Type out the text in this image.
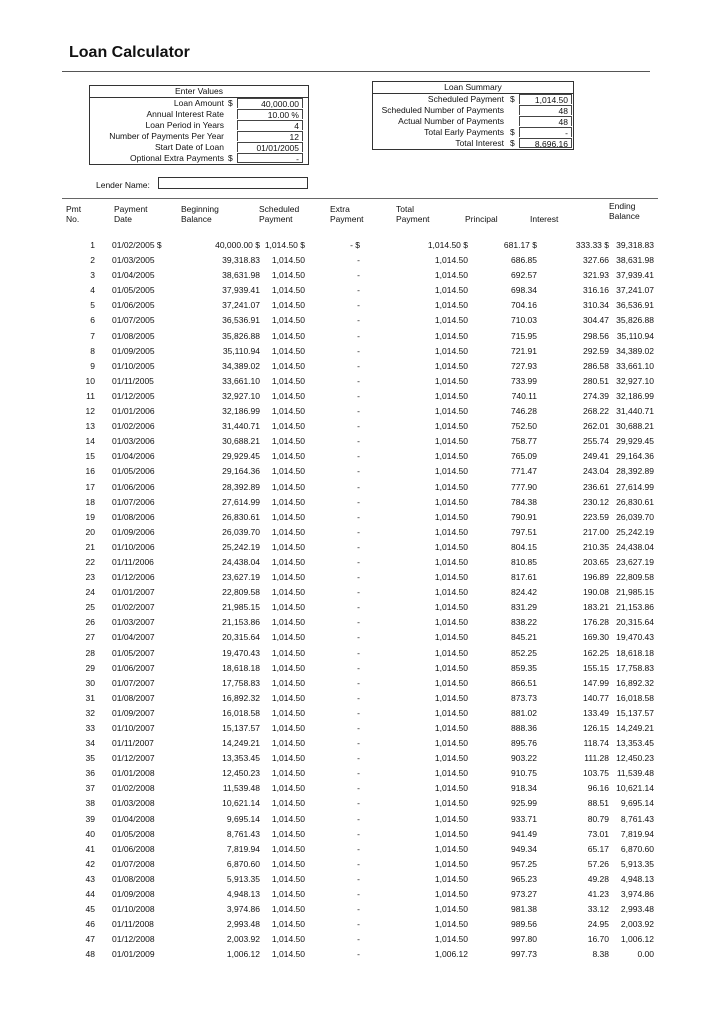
Loan Calculator
Enter Values
Loan Amount $	40,000.00
Annual Interest Rate	10.00 %
Loan Period in Years	4
Number of Payments Per Year	12
Start Date of Loan	01/01/2005
Optional Extra Payments $	-
Loan Summary
Scheduled Payment $	1,014.50
Scheduled Number of Payments	48
Actual Number of Payments	48
Total Early Payments $	-
Total Interest $	8,696.16
Lender Name:
Pmt No.
Payment Date
Beginning Balance
Scheduled Payment
Extra Payment
Total Payment	Principal	Interest
Ending Balance
1 01/02/2005 $	40,000.00 $ 1,014.50 $	- $	1,014.50 $	681.17 $	333.33 $ 39,318.83
2 01/03/2005	39,318.83	1,014.50	-	1,014.50	686.85	327.66 38,631.98
3 01/04/2005	38,631.98	1,014.50	-	1,014.50	692.57	321.93 37,939.41
4 01/05/2005	37,939.41	1,014.50	-	1,014.50	698.34	316.16 37,241.07
5 01/06/2005	37,241.07	1,014.50	-	1,014.50	704.16	310.34 36,536.91
6 01/07/2005	36,536.91	1,014.50	-	1,014.50	710.03	304.47 35,826.88
7 01/08/2005	35,826.88	1,014.50	-	1,014.50	715.95	298.56 35,110.94
8 01/09/2005	35,110.94	1,014.50	-	1,014.50	721.91	292.59 34,389.02
9 01/10/2005	34,389.02	1,014.50	-	1,014.50	727.93	286.58 33,661.10
10 01/11/2005	33,661.10	1,014.50	-	1,014.50	733.99	280.51 32,927.10
11 01/12/2005	32,927.10	1,014.50	-	1,014.50	740.11	274.39 32,186.99
12 01/01/2006	32,186.99	1,014.50	-	1,014.50	746.28	268.22 31,440.71
13 01/02/2006	31,440.71	1,014.50	-	1,014.50	752.50	262.01 30,688.21
14 01/03/2006	30,688.21	1,014.50	-	1,014.50	758.77	255.74 29,929.45
15 01/04/2006	29,929.45	1,014.50	-	1,014.50	765.09	249.41 29,164.36
16 01/05/2006	29,164.36	1,014.50	-	1,014.50	771.47	243.04 28,392.89
17 01/06/2006	28,392.89	1,014.50	-	1,014.50	777.90	236.61 27,614.99
18 01/07/2006	27,614.99	1,014.50	-	1,014.50	784.38	230.12 26,830.61
19 01/08/2006	26,830.61	1,014.50	-	1,014.50	790.91	223.59 26,039.70
20 01/09/2006	26,039.70	1,014.50	-	1,014.50	797.51	217.00 25,242.19
21 01/10/2006	25,242.19	1,014.50	-	1,014.50	804.15	210.35 24,438.04
22 01/11/2006	24,438.04	1,014.50	-	1,014.50	810.85	203.65 23,627.19
23 01/12/2006	23,627.19	1,014.50	-	1,014.50	817.61	196.89 22,809.58
24 01/01/2007	22,809.58	1,014.50	-	1,014.50	824.42	190.08 21,985.15
25 01/02/2007	21,985.15	1,014.50	-	1,014.50	831.29	183.21 21,153.86
26 01/03/2007	21,153.86	1,014.50	-	1,014.50	838.22	176.28 20,315.64
27 01/04/2007	20,315.64	1,014.50	-	1,014.50	845.21	169.30 19,470.43
28 01/05/2007	19,470.43	1,014.50	-	1,014.50	852.25	162.25 18,618.18
29 01/06/2007	18,618.18	1,014.50	-	1,014.50	859.35	155.15 17,758.83
30 01/07/2007	17,758.83	1,014.50	-	1,014.50	866.51	147.99 16,892.32
31 01/08/2007	16,892.32	1,014.50	-	1,014.50	873.73	140.77 16,018.58
32 01/09/2007	16,018.58	1,014.50	-	1,014.50	881.02	133.49 15,137.57
33 01/10/2007	15,137.57	1,014.50	-	1,014.50	888.36	126.15 14,249.21
34 01/11/2007	14,249.21	1,014.50	-	1,014.50	895.76	118.74 13,353.45
35 01/12/2007	13,353.45	1,014.50	-	1,014.50	903.22	111.28 12,450.23
36 01/01/2008	12,450.23	1,014.50	-	1,014.50	910.75	103.75 11,539.48
37 01/02/2008	11,539.48	1,014.50	-	1,014.50	918.34	96.16 10,621.14
38 01/03/2008	10,621.14	1,014.50	-	1,014.50	925.99	88.51	9,695.14
39 01/04/2008	9,695.14	1,014.50	-	1,014.50	933.71	80.79	8,761.43
40 01/05/2008	8,761.43	1,014.50	-	1,014.50	941.49	73.01	7,819.94
41 01/06/2008	7,819.94	1,014.50	-	1,014.50	949.34	65.17	6,870.60
42 01/07/2008	6,870.60	1,014.50	-	1,014.50	957.25	57.26	5,913.35
43 01/08/2008	5,913.35	1,014.50	-	1,014.50	965.23	49.28	4,948.13
44 01/09/2008	4,948.13	1,014.50	-	1,014.50	973.27	41.23	3,974.86
45 01/10/2008	3,974.86	1,014.50	-	1,014.50	981.38	33.12	2,993.48
46 01/11/2008	2,993.48	1,014.50	-	1,014.50	989.56	24.95	2,003.92
47 01/12/2008	2,003.92	1,014.50	-	1,014.50	997.80	16.70	1,006.12
48 01/01/2009	1,006.12	1,014.50	-	1,006.12	997.73	8.38	0.00
